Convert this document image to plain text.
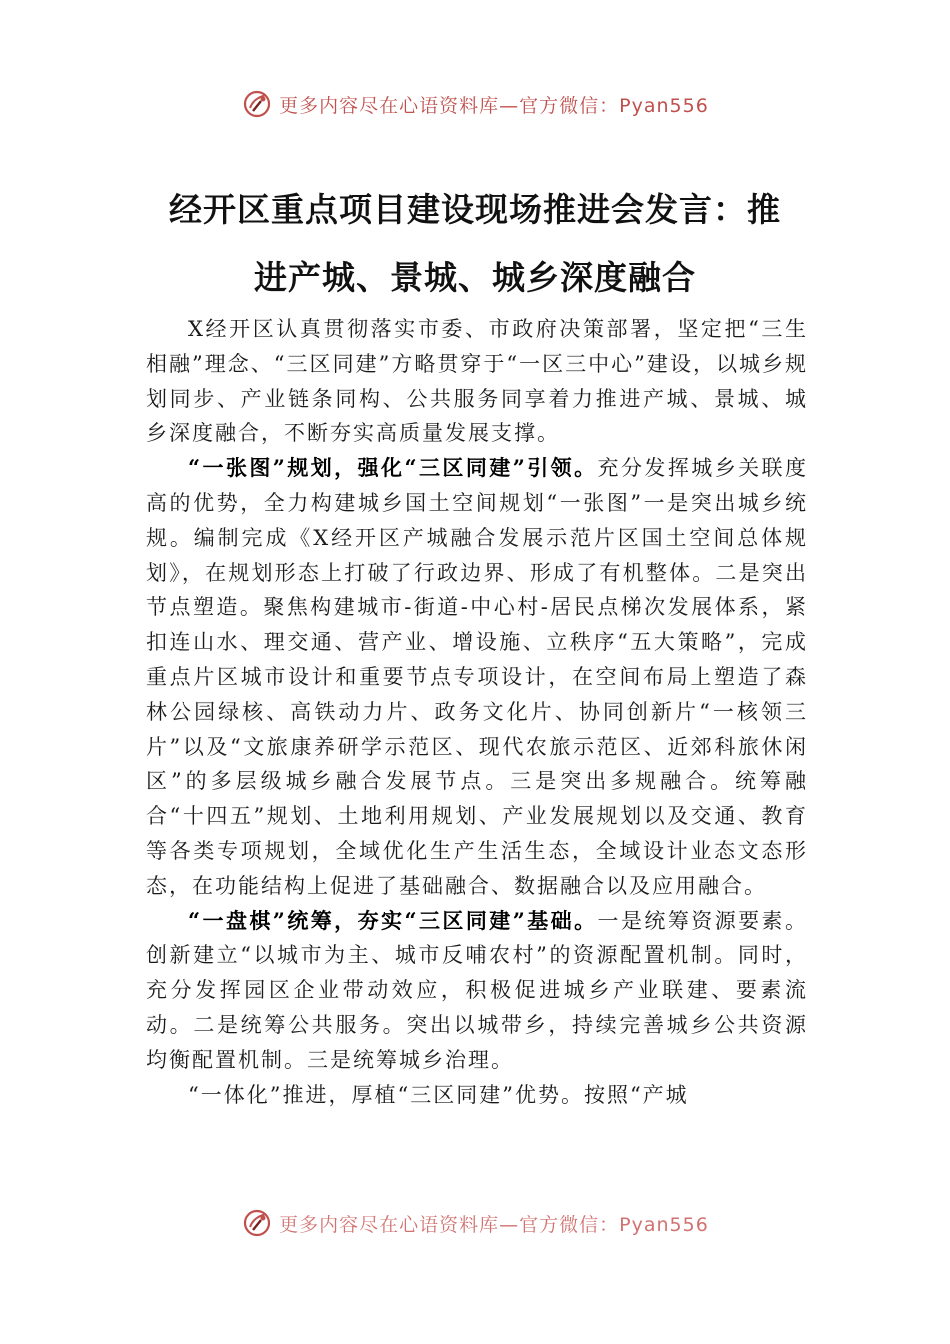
更多内容尽在心语资料库—官方微信：Pyan556
经开区重点项目建设现场推进会发言：推
进产城、景城、城乡深度融合

X经开区认真贯彻落实市委、市政府决策部署，坚定把“三生相融”理念、“三区同建”方略贯穿于“一区三中心”建设，以城乡规划同步、产业链条同构、公共服务同享着力推进产城、景城、城乡深度融合，不断夯实高质量发展支撑。

“一张图”规划，强化“三区同建”引领。充分发挥城乡关联度高的优势，全力构建城乡国土空间规划“一张图”一是突出城乡统规。编制完成《X经开区产城融合发展示范片区国土空间总体规划》，在规划形态上打破了行政边界、形成了有机整体。二是突出节点塑造。聚焦构建城市-街道-中心村-居民点梯次发展体系，紧扣连山水、理交通、营产业、增设施、立秩序“五大策略”，完成重点片区城市设计和重要节点专项设计，在空间布局上塑造了森林公园绿核、高铁动力片、政务文化片、协同创新片“一核领三片”以及“文旅康养研学示范区、现代农旅示范区、近郊科旅休闲区”的多层级城乡融合发展节点。三是突出多规融合。统筹融合“十四五”规划、土地利用规划、产业发展规划以及交通、教育等各类专项规划，全域优化生产生活生态，全域设计业态文态形态，在功能结构上促进了基础融合、数据融合以及应用融合。

“一盘棋”统筹，夯实“三区同建”基础。一是统筹资源要素。创新建立“以城市为主、城市反哺农村”的资源配置机制。同时，充分发挥园区企业带动效应，积极促进城乡产业联建、要素流动。二是统筹公共服务。突出以城带乡，持续完善城乡公共资源均衡配置机制。三是统筹城乡治理。

“一体化”推进，厚植“三区同建”优势。按照“产城

更多内容尽在心语资料库—官方微信：Pyan556
